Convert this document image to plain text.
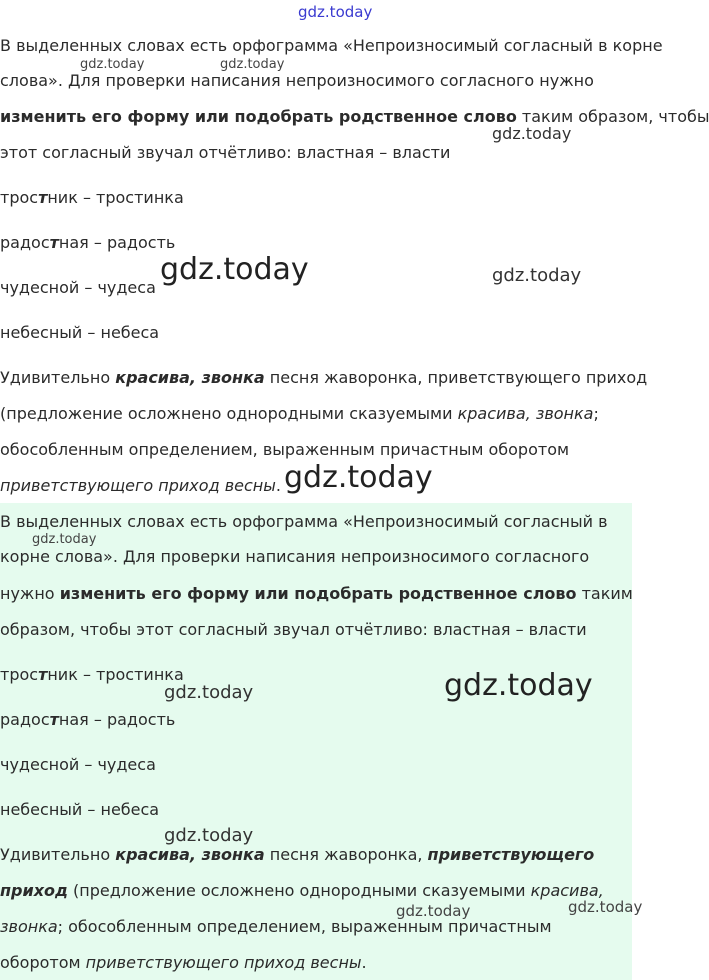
gdz.today
gdz.today	gdz.today
gdz.today
gdz.today	gdz.today
gdz.today
В выделенных словах есть орфограмма «Непроизносимый согласный в корне
слова». Для проверки написания непроизносимого согласного нужно
изменить его форму или подобрать родственное слово таким образом, чтобы
этот согласный звучал отчётливо: властная – власти
тростник – тростинка
радостная – радость
чудесной – чудеса
небесный – небеса
Удивительно красива, звонка песня жаворонка, приветствующего приход
(предложение осложнено однородными сказуемыми красива, звонка;
обособленным определением, выраженным причастным оборотом
приветствующего приход весны.
В выделенных словах есть орфограмма «Непроизносимый согласный в
gdz.today
корне слова». Для проверки написания непроизносимого согласного
нужно изменить его форму или подобрать родственное слово таким
образом, чтобы этот согласный звучал отчётливо: властная – власти
тростник – тростинка
gdz.today	gdz.today
радостная – радость
чудесной – чудеса
небесный – небеса
gdz.today
Удивительно красива, звонка песня жаворонка, приветствующего
приход (предложение осложнено однородными сказуемыми красива,
gdz.today
gdz.today
звонка; обособленным определением, выраженным причастным
оборотом приветствующего приход весны.
